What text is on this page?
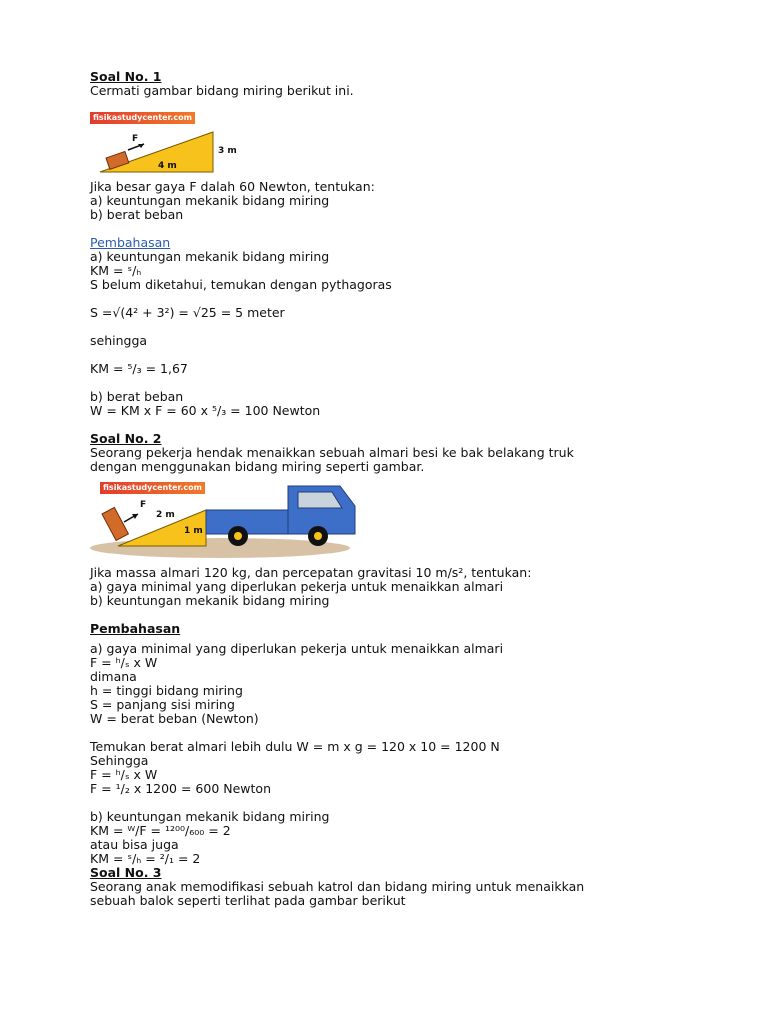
Soal No. 1
Cermati gambar bidang miring berikut ini.
fisikastudycenter.com
F
4 m
3 m
Jika besar gaya F dalah 60 Newton, tentukan:
a) keuntungan mekanik bidang miring
b) berat beban
Pembahasan
a) keuntungan mekanik bidang miring
KM = ˢ/ₕ
S belum diketahui, temukan dengan pythagoras
S =√(4² + 3²) = √25 = 5 meter
sehingga
KM = ⁵/₃ = 1,67
b) berat beban
W = KM x F = 60 x ⁵/₃ = 100 Newton
Soal No. 2
Seorang pekerja hendak menaikkan sebuah almari besi ke bak belakang truk
dengan menggunakan bidang miring seperti gambar.
fisikastudycenter.com
F
2 m
1 m
Jika massa almari 120 kg, dan percepatan gravitasi 10 m/s², tentukan:
a) gaya minimal yang diperlukan pekerja untuk menaikkan almari
b) keuntungan mekanik bidang miring
Pembahasan
a) gaya minimal yang diperlukan pekerja untuk menaikkan almari
F = ʰ/ₛ x W
dimana
h = tinggi bidang miring
S = panjang sisi miring
W = berat beban (Newton)
Temukan berat almari lebih dulu W = m x g = 120 x 10 = 1200 N
Sehingga
F = ʰ/ₛ x W
F = ¹/₂ x 1200 = 600 Newton
b) keuntungan mekanik bidang miring
KM = ᵂ/F = ¹²⁰⁰/₆₀₀ = 2
atau bisa juga
KM = ˢ/ₕ = ²/₁ = 2
Soal No. 3
Seorang anak memodifikasi sebuah katrol dan bidang miring untuk menaikkan
sebuah balok seperti terlihat pada gambar berikut
